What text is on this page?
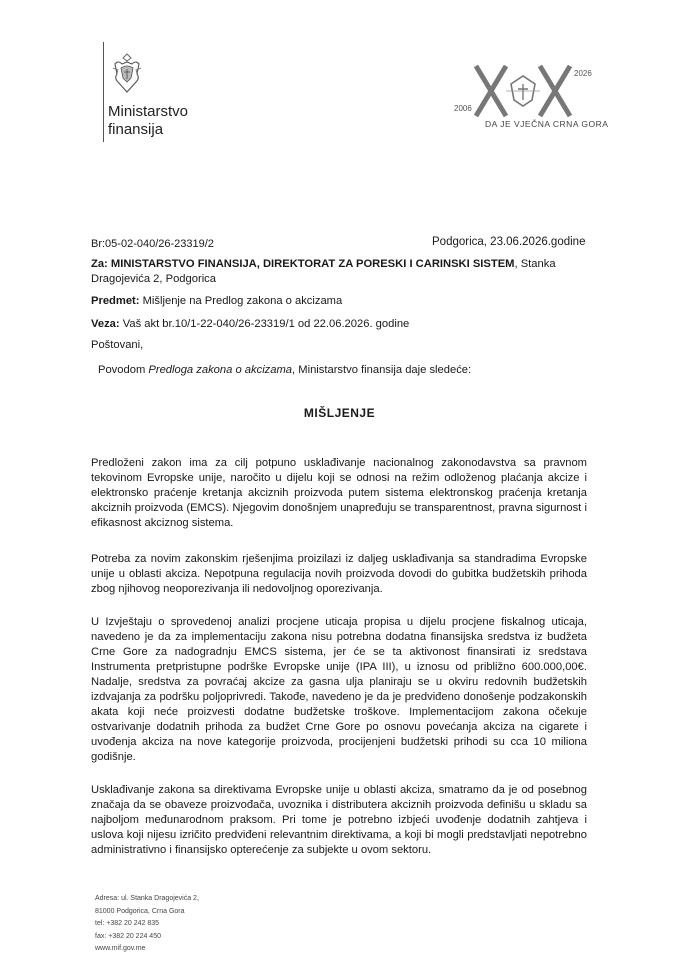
Ministarstvo
finansija
2006
2026
DA JE VJEČNA CRNA GORA
Br:05-02-040/26-23319/2	Podgorica, 23.06.2026.godine
Za: MINISTARSTVO FINANSIJA, DIREKTORAT ZA PORESKI I CARINSKI SISTEM, Stanka
Dragojevića 2, Podgorica
Predmet: Mišljenje na Predlog zakona o akcizama
Veza: Vaš akt br.10/1-22-040/26-23319/1 od 22.06.2026. godine
Poštovani,
Povodom Predloga zakona o akcizama, Ministarstvo finansija daje sledeće:
MIŠLJENJE
Predloženi zakon ima za cilj potpuno usklađivanje nacionalnog zakonodavstva sa pravnom tekovinom Evropske unije, naročito u dijelu koji se odnosi na režim odloženog plaćanja akcize i elektronsko praćenje kretanja akciznih proizvoda putem sistema elektronskog praćenja kretanja akciznih proizvoda (EMCS). Njegovim donošnjem unapređuju se transparentnost, pravna sigurnost i efikasnost akciznog sistema.
Potreba za novim zakonskim rješenjima proizilazi iz daljeg usklađivanja sa standradima Evropske unije u oblasti akciza. Nepotpuna regulacija novih proizvoda dovodi do gubitka budžetskih prihoda zbog njihovog neoporezivanja ili nedovoljnog oporezivanja.
U Izvještaju o sprovedenoj analizi procjene uticaja propisa u dijelu procjene fiskalnog uticaja, navedeno je da za implementaciju zakona nisu potrebna dodatna finansijska sredstva iz budžeta Crne Gore za nadogradnju EMCS sistema, jer će se ta aktivonost finansirati iz sredstava Instrumenta pretpristupne podrške Evropske unije (IPA III), u iznosu od približno 600.000,00€. Nadalje, sredstva za povraćaj akcize za gasna ulja planiraju se u okviru redovnih budžetskih izdvajanja za podršku poljoprivredi. Takođe, navedeno je da je predviđeno donošenje podzakonskih akata koji neće proizvesti dodatne budžetske troškove. Implementacijom zakona očekuje ostvarivanje dodatnih prihoda za budžet Crne Gore po osnovu povećanja akciza na cigarete i uvođenja akciza na nove kategorije proizvoda, procijenjeni budžetski prihodi su cca 10 miliona godišnje.
Usklađivanje zakona sa direktivama Evropske unije u oblasti akciza, smatramo da je od posebnog značaja da se obaveze proizvođača, uvoznika i distributera akciznih proizvoda definišu u skladu sa najboljom međunarodnom praksom. Pri tome je potrebno izbjeći uvođenje dodatnih zahtjeva i uslova koji nijesu izričito predviđeni relevantnim direktivama, a koji bi mogli predstavljati nepotrebno administrativno i finansijsko opterećenje za subjekte u ovom sektoru.
Adresa: ul. Stanka Dragojevića 2,
81000 Podgorica, Crna Gora
tel: +382 20 242 835
fax: +382 20 224 450
www.mif.gov.me
